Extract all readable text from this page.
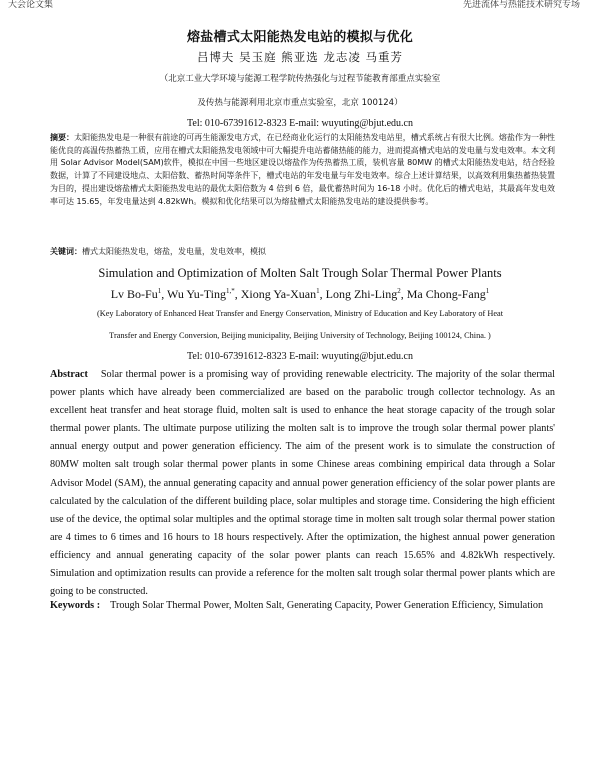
大会论文集	先进流体与热能技术研究专场
熔盐槽式太阳能热发电站的模拟与优化
吕博夫 吴玉庭 熊亚选 龙志凌 马重芳
（北京工业大学环境与能源工程学院传热强化与过程节能教育部重点实验室
及传热与能源利用北京市重点实验室，北京 100124）
Tel: 010-67391612-8323 E-mail: wuyuting@bjut.edu.cn
摘要：太阳能热发电是一种很有前途的可再生能源发电方式，在已经商业化运行的太阳能热发电站里，槽式系统占有很大比例。熔盐作为一种性能优良的高温传热蓄热工质，应用在槽式太阳能热发电领域中可大幅提升电站蓄储热能的能力，进而提高槽式电站的发电量与发电效率。本文利用 Solar Advisor Model(SAM)软件，模拟在中国一些地区建设以熔盐作为传热蓄热工质，装机容量 80MW 的槽式太阳能热发电站，结合经验数据，计算了不同建设地点、太阳倍数、蓄热时间等条件下，槽式电站的年发电量与年发电效率。综合上述计算结果，以高效利用集热蓄热装置为目的，提出建设熔盐槽式太阳能热发电站的最优太阳倍数为 4 倍到 6 倍，最优蓄热时间为 16-18 小时。优化后的槽式电站，其最高年发电效率可达 15.65，年发电量达到 4.82kWh。模拟和优化结果可以为熔盐槽式太阳能热发电站的建设提供参考。
关键词：槽式太阳能热发电，熔盐，发电量，发电效率，模拟
Simulation and Optimization of Molten Salt Trough Solar Thermal Power Plants
Lv Bo-Fu$^1$, Wu Yu-Ting$^{1,*}$, Xiong Ya-Xuan$^1$, Long Zhi-Ling$^2$, Ma Chong-Fang$^1$
(Key Laboratory of Enhanced Heat Transfer and Energy Conservation, Ministry of Education and Key Laboratory of Heat
Transfer and Energy Conversion, Beijing municipality, Beijing University of Technology, Beijing 100124, China. )
Tel: 010-67391612-8323 E-mail: wuyuting@bjut.edu.cn
Abstract Solar thermal power is a promising way of providing renewable electricity. The majority of the solar thermal power plants which have already been commercialized are based on the parabolic trough collector technology. As an excellent heat transfer and heat storage fluid, molten salt is used to enhance the heat storage capacity of the trough solar thermal power plants. The ultimate purpose utilizing the molten salt is to improve the trough solar thermal power plants' annual energy output and power generation efficiency. The aim of the present work is to simulate the construction of 80MW molten salt trough solar thermal power plants in some Chinese areas combining empirical data through a Solar Advisor Model (SAM), the annual generating capacity and annual power generation efficiency of the solar power plants are calculated by the calculation of the different building place, solar multiples and storage time. Considering the high efficient use of the device, the optimal solar multiples and the optimal storage time in molten salt trough solar thermal power station are 4 times to 6 times and 16 hours to 18 hours respectively. After the optimization, the highest annual power generation efficiency and annual generating capacity of the solar power plants can reach 15.65% and 4.82kWh respectively. Simulation and optimization results can provide a reference for the molten salt trough solar thermal power plants which are going to be constructed.
Keywords : Trough Solar Thermal Power, Molten Salt, Generating Capacity, Power Generation Efficiency, Simulation
